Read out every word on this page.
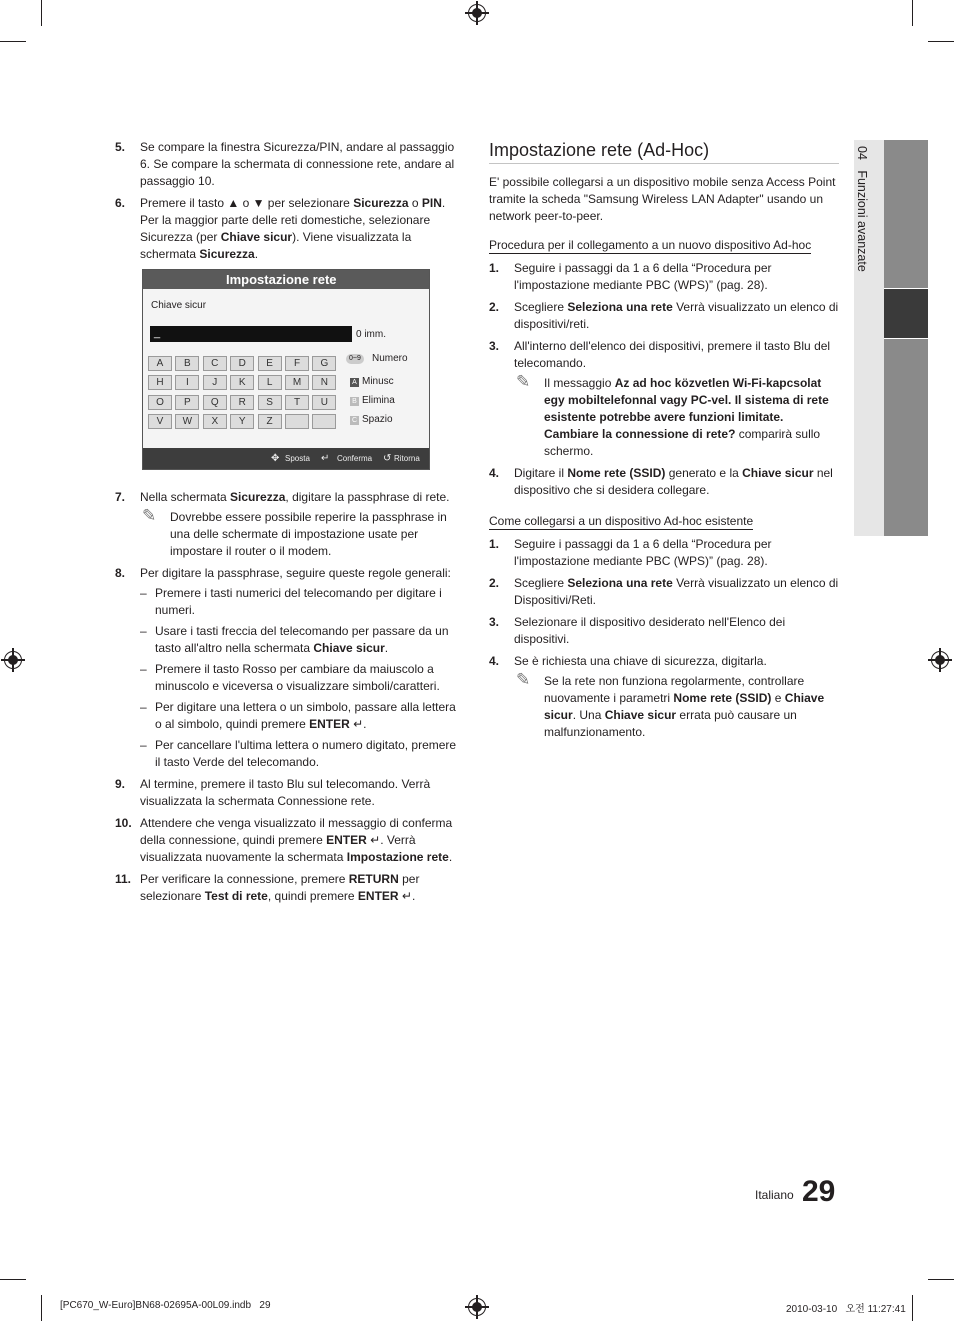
04   Funzioni avanzate
5. Se compare la finestra Sicurezza/PIN, andare al passaggio 6. Se compare la schermata di connessione rete, andare al passaggio 10.
6. Premere il tasto ▲ o ▼ per selezionare Sicurezza o PIN. Per la maggior parte delle reti domestiche, selezionare Sicurezza (per Chiave sicur). Viene visualizzata la schermata Sicurezza.
Impostazione rete
Chiave sicur
_	0 imm.
A	B	C	D	E	F	G
H	I	J	K	L	M	N
O	P	Q	R	S	T	U
V	W	X	Y	Z
0~9	Numero
A Minusc
B Elimina
C Spazio
✥ Sposta ↵ Conferma ↺ Ritorna
7. Nella schermata Sicurezza, digitare la passphrase di rete.
✎ Dovrebbe essere possibile reperire la passphrase in una delle schermate di impostazione usate per impostare il router o il modem.
8. Per digitare la passphrase, seguire queste regole generali:
– Premere i tasti numerici del telecomando per digitare i numeri.
– Usare i tasti freccia del telecomando per passare da un tasto all'altro nella schermata Chiave sicur.
– Premere il tasto Rosso per cambiare da maiuscolo a minuscolo e viceversa o visualizzare simboli/caratteri.
– Per digitare una lettera o un simbolo, passare alla lettera o al simbolo, quindi premere ENTER ↵.
– Per cancellare l'ultima lettera o numero digitato, premere il tasto Verde del telecomando.
9. Al termine, premere il tasto Blu sul telecomando. Verrà visualizzata la schermata Connessione rete.
10. Attendere che venga visualizzato il messaggio di conferma della connessione, quindi premere ENTER ↵. Verrà visualizzata nuovamente la schermata Impostazione rete.
11. Per verificare la connessione, premere RETURN per selezionare Test di rete, quindi premere ENTER ↵.
Impostazione rete (Ad-Hoc)
E' possibile collegarsi a un dispositivo mobile senza Access Point tramite la scheda "Samsung Wireless LAN Adapter" usando un network peer-to-peer.
Procedura per il collegamento a un nuovo dispositivo Ad-hoc
1. Seguire i passaggi da 1 a 6 della “Procedura per l'impostazione mediante PBC (WPS)” (pag. 28).
2. Scegliere Seleziona una rete Verrà visualizzato un elenco di dispositivi/reti.
3. All'interno dell'elenco dei dispositivi, premere il tasto Blu del telecomando.
✎ Il messaggio Az ad hoc közvetlen Wi-Fi-kapcsolat egy mobiltelefonnal vagy PC-vel. Il sistema di rete esistente potrebbe avere funzioni limitate. Cambiare la connessione di rete? comparirà sullo schermo.
4. Digitare il Nome rete (SSID) generato e la Chiave sicur nel dispositivo che si desidera collegare.
Come collegarsi a un dispositivo Ad-hoc esistente
1. Seguire i passaggi da 1 a 6 della “Procedura per l'impostazione mediante PBC (WPS)” (pag. 28).
2. Scegliere Seleziona una rete Verrà visualizzato un elenco di Dispositivi/Reti.
3. Selezionare il dispositivo desiderato nell'Elenco dei dispositivi.
4. Se è richiesta una chiave di sicurezza, digitarla.
✎ Se la rete non funziona regolarmente, controllare nuovamente i parametri Nome rete (SSID) e Chiave sicur. Una Chiave sicur errata può causare un malfunzionamento.
Italiano 29
[PC670_W-Euro]BN68-02695A-00L09.indb   29	2010-03-10   오전 11:27:41
